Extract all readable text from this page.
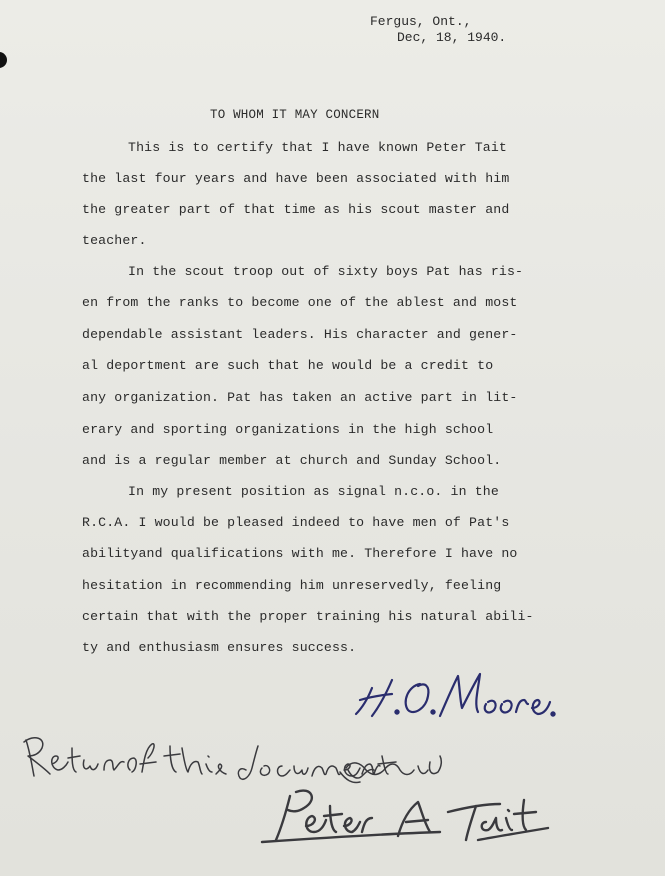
Fergus, Ont.,
Dec, 18, 1940.
TO WHOM IT MAY CONCERN
This is to certify that I have known Peter Tait
the last four years and have been associated with him
the greater part of that time as his scout master and
teacher.
In the scout troop out of sixty boys Pat has ris-
en from the ranks to become one of the ablest and most
dependable assistant leaders. His character and gener-
al deportment are such that he would be a credit to
any organization. Pat has taken an active part in lit-
erary and sporting organizations in the high school
and is a regular member at church and Sunday School.
In my present position as signal n.c.o. in the
R.C.A. I would be pleased indeed to have men of Pat's
abilityand qualifications with me. Therefore I have no
hesitation in recommending him unreservedly, feeling
certain that with the proper training his natural abili-
ty and enthusiasm ensures success.
